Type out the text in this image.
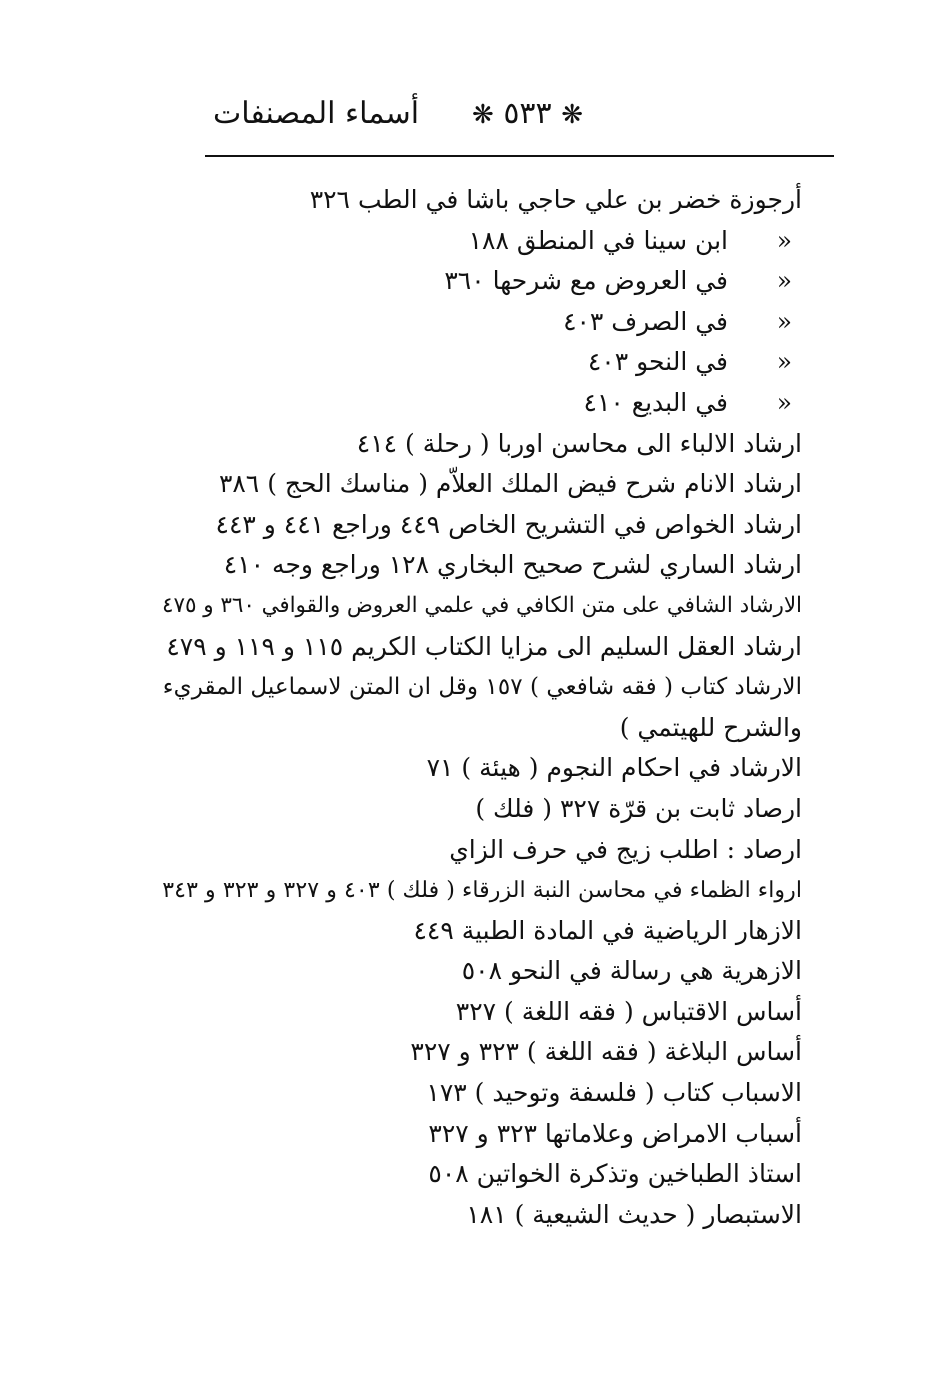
❋ ٥٣٣ ❋
أسماء المصنفات
أرجوزة خضر بن علي حاجي باشا في الطب ٣٢٦
«ابن سينا في المنطق ١٨٨
«في العروض مع شرحها ٣٦٠
«في الصرف ٤٠٣
«في النحو ٤٠٣
«في البديع ٤١٠
ارشاد الالباء الى محاسن اوربا ( رحلة ) ٤١٤
ارشاد الانام شرح فيض الملك العلاّم ( مناسك الحج ) ٣٨٦
ارشاد الخواص في التشريح الخاص ٤٤٩ وراجع ٤٤١ و ٤٤٣
ارشاد الساري لشرح صحيح البخاري ١٢٨ وراجع وجه ٤١٠
الارشاد الشافي على متن الكافي في علمي العروض والقوافي ٣٦٠ و ٤٧٥
ارشاد العقل السليم الى مزايا الكتاب الكريم ١١٥ و ١١٩ و ٤٧٩
الارشاد كتاب ( فقه شافعي ) ١٥٧ وقل ان المتن لاسماعيل المقريء
والشرح للهيتمي )
الارشاد في احكام النجوم ( هيئة ) ٧١
ارصاد ثابت بن قرّة ٣٢٧ ( فلك )
ارصاد : اطلب زيج في حرف الزاي
ارواء الظماء في محاسن النبة الزرقاء ( فلك ) ٤٠٣ و ٣٢٧ و ٣٢٣ و ٣٤٣
الازهار الرياضية في المادة الطبية ٤٤٩
الازهرية هي رسالة في النحو ٥٠٨
أساس الاقتباس ( فقه اللغة ) ٣٢٧
أساس البلاغة ( فقه اللغة ) ٣٢٣ و ٣٢٧
الاسباب كتاب ( فلسفة وتوحيد ) ١٧٣
أسباب الامراض وعلاماتها ٣٢٣ و ٣٢٧
استاذ الطباخين وتذكرة الخواتين ٥٠٨
الاستبصار ( حديث الشيعية ) ١٨١
